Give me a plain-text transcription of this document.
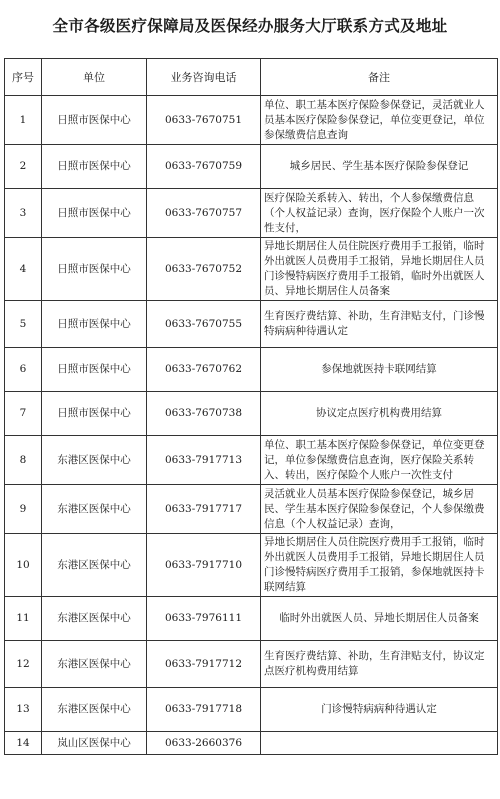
全市各级医疗保障局及医保经办服务大厅联系方式及地址
序号	单位	业务咨询电话	备注
1	日照市医保中心	0633-7670751	单位、职工基本医疗保险参保登记，灵活就业人员基本医疗保险参保登记，单位变更登记，单位参保缴费信息查询
2	日照市医保中心	0633-7670759	城乡居民、学生基本医疗保险参保登记
3	日照市医保中心	0633-7670757	医疗保险关系转入、转出，个人参保缴费信息（个人权益记录）查询，医疗保险个人账户一次性支付，
4	日照市医保中心	0633-7670752	异地长期居住人员住院医疗费用手工报销，临时外出就医人员费用手工报销，异地长期居住人员门诊慢特病医疗费用手工报销，临时外出就医人员、异地长期居住人员备案
5	日照市医保中心	0633-7670755	生育医疗费结算、补助，生育津贴支付，门诊慢特病病种待遇认定
6	日照市医保中心	0633-7670762	参保地就医持卡联网结算
7	日照市医保中心	0633-7670738	协议定点医疗机构费用结算
8	东港区医保中心	0633-7917713	单位、职工基本医疗保险参保登记，单位变更登记，单位参保缴费信息查询，医疗保险关系转入、转出，医疗保险个人账户一次性支付
9	东港区医保中心	0633-7917717	灵活就业人员基本医疗保险参保登记，城乡居民、学生基本医疗保险参保登记，个人参保缴费信息（个人权益记录）查询，
10	东港区医保中心	0633-7917710	异地长期居住人员住院医疗费用手工报销，临时外出就医人员费用手工报销，异地长期居住人员门诊慢特病医疗费用手工报销，参保地就医持卡联网结算
11	东港区医保中心	0633-7976111	临时外出就医人员、异地长期居住人员备案
12	东港区医保中心	0633-7917712	生育医疗费结算、补助，生育津贴支付，协议定点医疗机构费用结算
13	东港区医保中心	0633-7917718	门诊慢特病病种待遇认定
14	岚山区医保中心	0633-2660376	
